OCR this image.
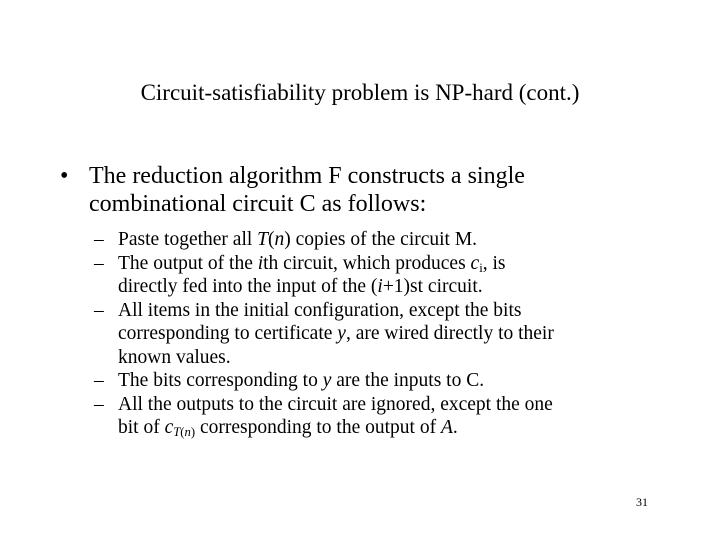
Circuit-satisfiability problem is NP-hard (cont.)
• The reduction algorithm F constructs a single
combinational circuit C as follows:
– Paste together all T(n) copies of the circuit M.
– The output of the ith circuit, which produces $c_i$, is
directly fed into the input of the (i+1)st circuit.
– All items in the initial configuration, except the bits
corresponding to certificate y, are wired directly to their
known values.
– The bits corresponding to y are the inputs to C.
– All the outputs to the circuit are ignored, except the one
bit of $c_{T(n)}$ corresponding to the output of A.
31
